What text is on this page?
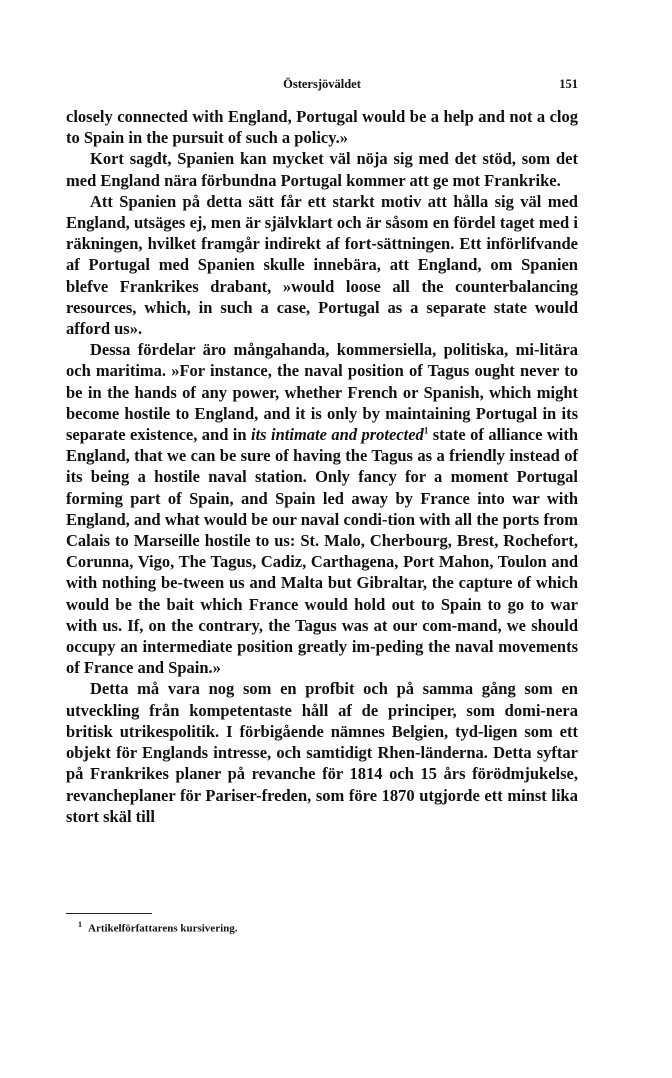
Östersjöväldet	151

closely connected with England, Portugal would be a help and not a clog to Spain in the pursuit of such a policy.»

Kort sagdt, Spanien kan mycket väl nöja sig med det stöd, som det med England nära förbundna Portugal kommer att ge mot Frankrike.

Att Spanien på detta sätt får ett starkt motiv att hålla sig väl med England, utsäges ej, men är självklart och är såsom en fördel taget med i räkningen, hvilket framgår indirekt af fort-sättningen. Ett införlifvande af Portugal med Spanien skulle innebära, att England, om Spanien blefve Frankrikes drabant, »would loose all the counterbalancing resources, which, in such a case, Portugal as a separate state would afford us».

Dessa fördelar äro mångahanda, kommersiella, politiska, mi-litära och maritima. »For instance, the naval position of Tagus ought never to be in the hands of any power, whether French or Spanish, which might become hostile to England, and it is only by maintaining Portugal in its separate existence, and in its intimate and protected$^1$ state of alliance with England, that we can be sure of having the Tagus as a friendly instead of its being a hostile naval station. Only fancy for a moment Portugal forming part of Spain, and Spain led away by France into war with England, and what would be our naval condi-tion with all the ports from Calais to Marseille hostile to us: St. Malo, Cherbourg, Brest, Rochefort, Corunna, Vigo, The Tagus, Cadiz, Carthagena, Port Mahon, Toulon and with nothing be-tween us and Malta but Gibraltar, the capture of which would be the bait which France would hold out to Spain to go to war with us. If, on the contrary, the Tagus was at our com-mand, we should occupy an intermediate position greatly im-peding the naval movements of France and Spain.»

Detta må vara nog som en profbit och på samma gång som en utveckling från kompetentaste håll af de principer, som domi-nera britisk utrikespolitik. I förbigående nämnes Belgien, tyd-ligen som ett objekt för Englands intresse, och samtidigt Rhen-länderna. Detta syftar på Frankrikes planer på revanche för 1814 och 15 års förödmjukelse, revancheplaner för Pariser-freden, som före 1870 utgjorde ett minst lika stort skäl till

$^1$ Artikelförfattarens kursivering.
